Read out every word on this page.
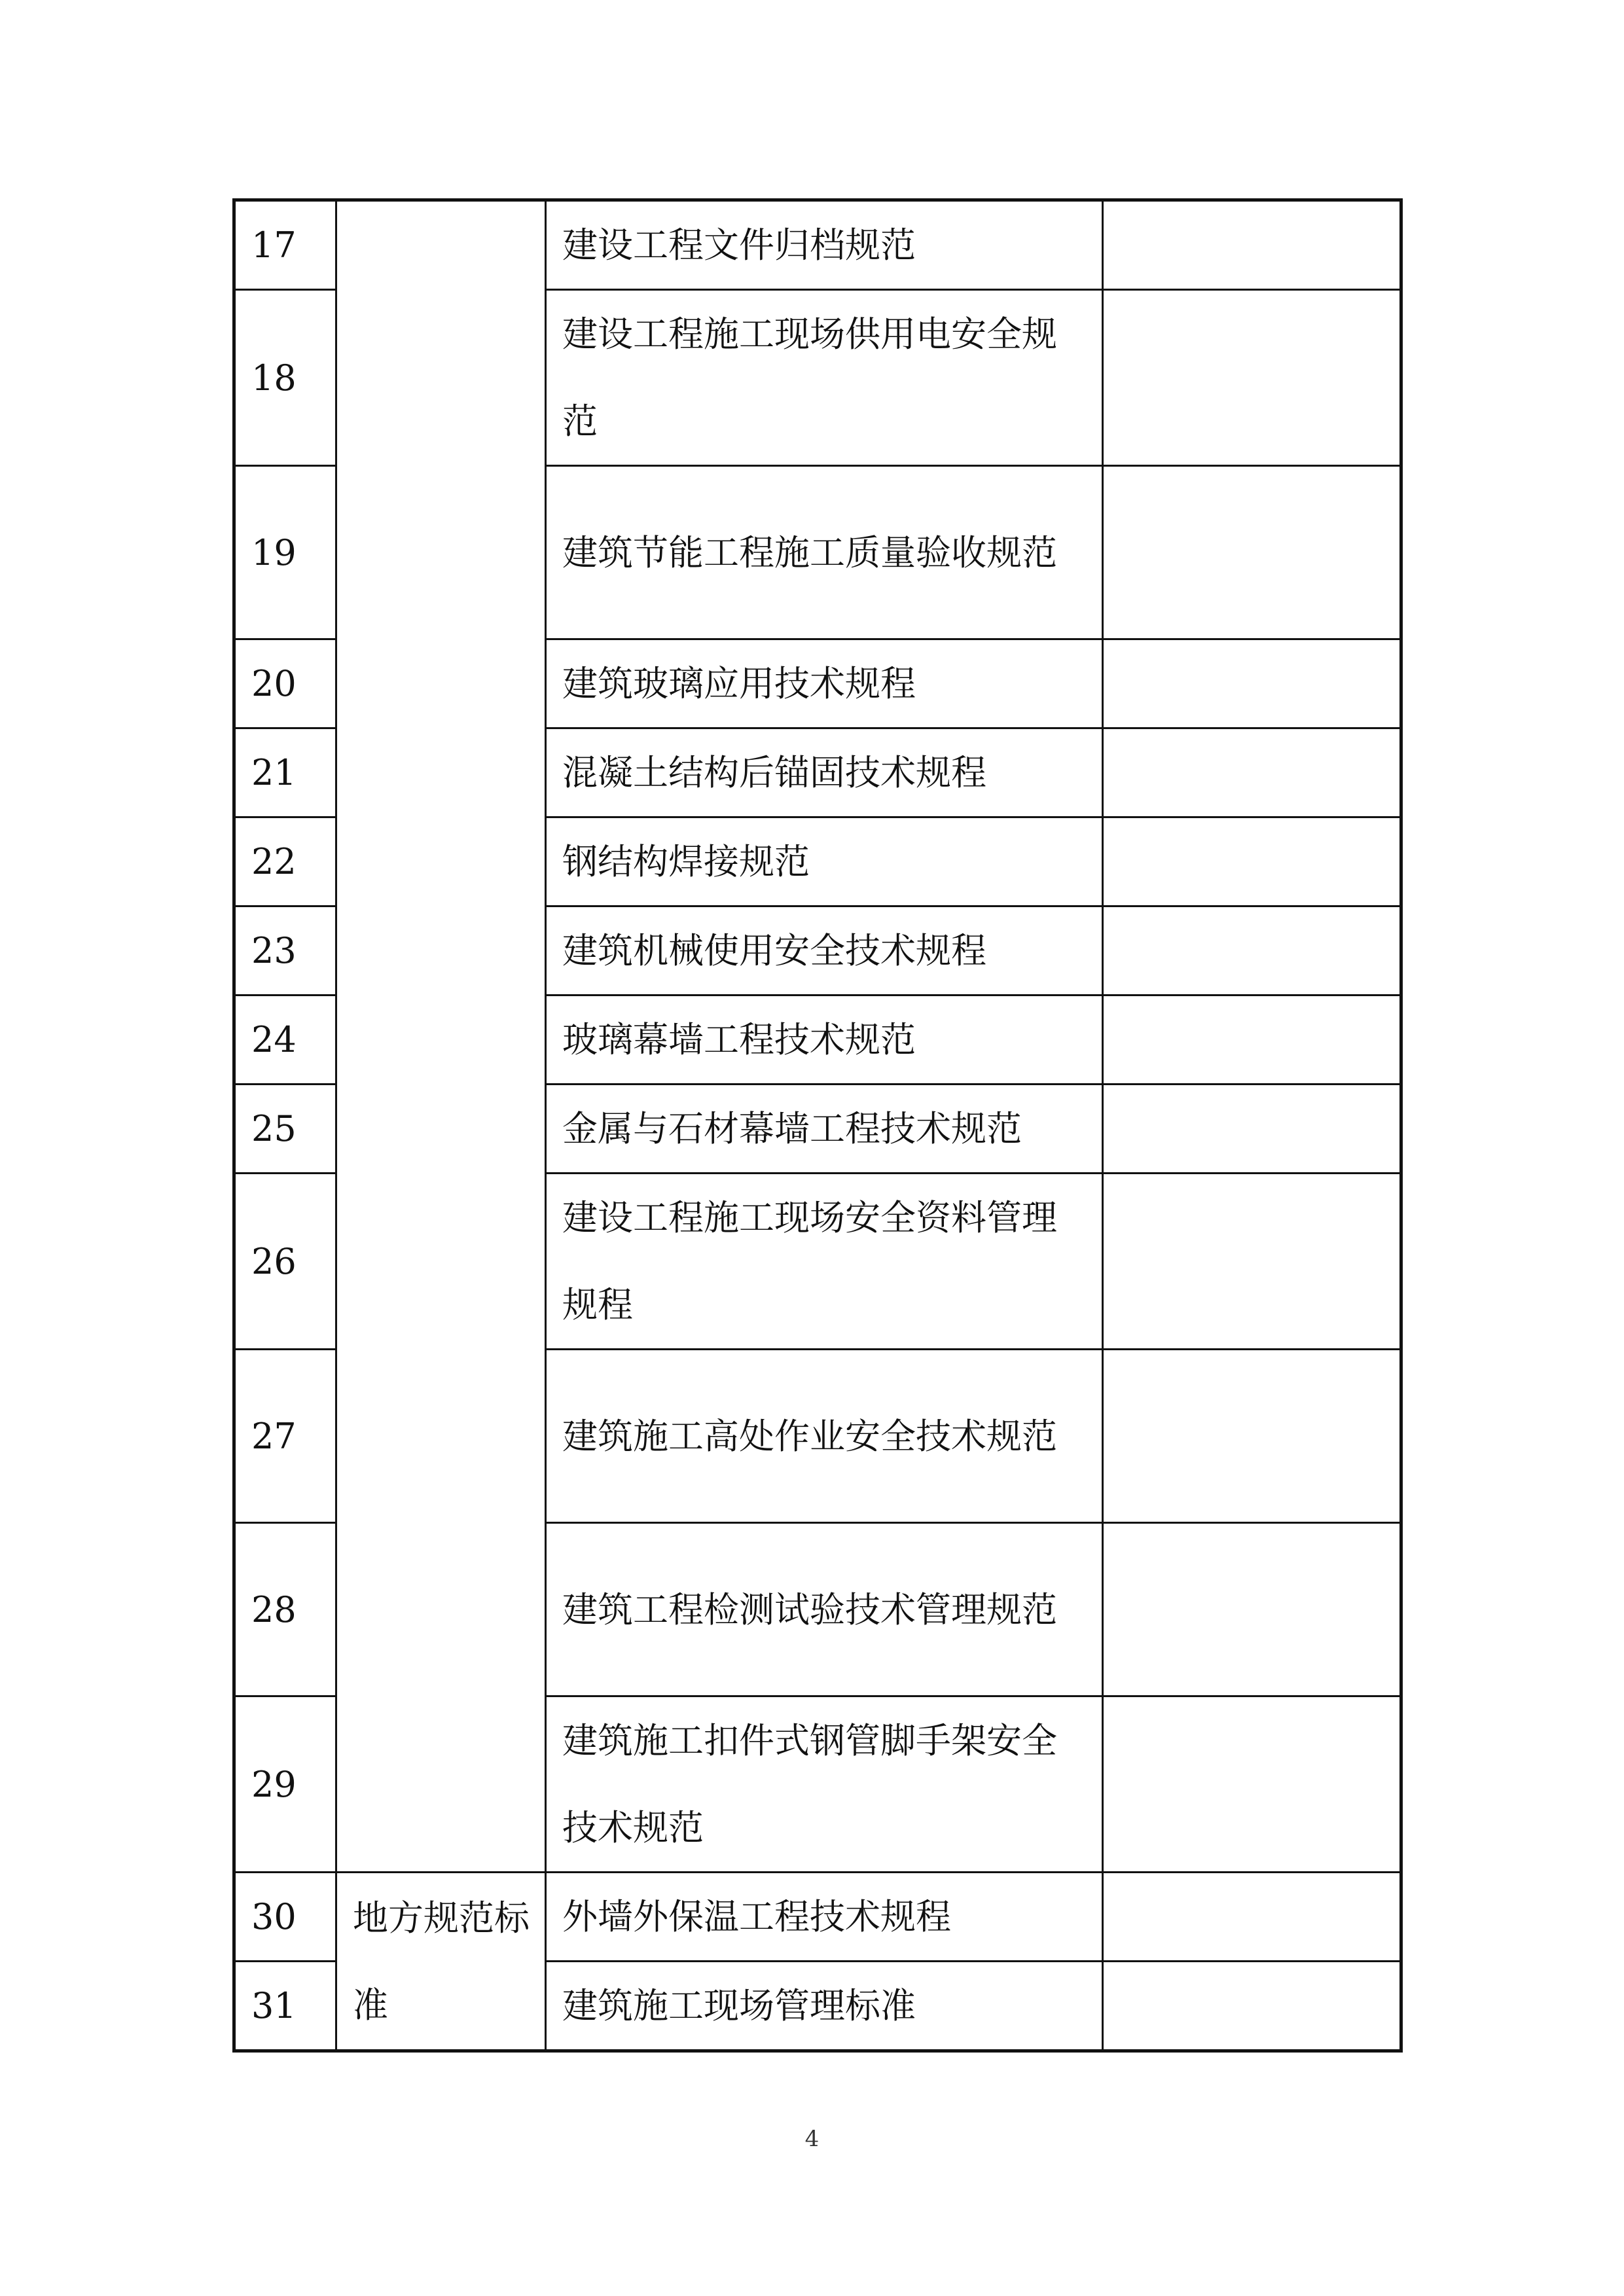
17		建设工程文件归档规范	
18		建设工程施工现场供用电安全规范	
19		建筑节能工程施工质量验收规范	
20		建筑玻璃应用技术规程	
21		混凝土结构后锚固技术规程	
22		钢结构焊接规范	
23		建筑机械使用安全技术规程	
24		玻璃幕墙工程技术规范	
25		金属与石材幕墙工程技术规范	
26		建设工程施工现场安全资料管理规程	
27		建筑施工高处作业安全技术规范	
28		建筑工程检测试验技术管理规范	
29		建筑施工扣件式钢管脚手架安全技术规范	
30	地方规范标准	外墙外保温工程技术规程	
31		建筑施工现场管理标准	
4
